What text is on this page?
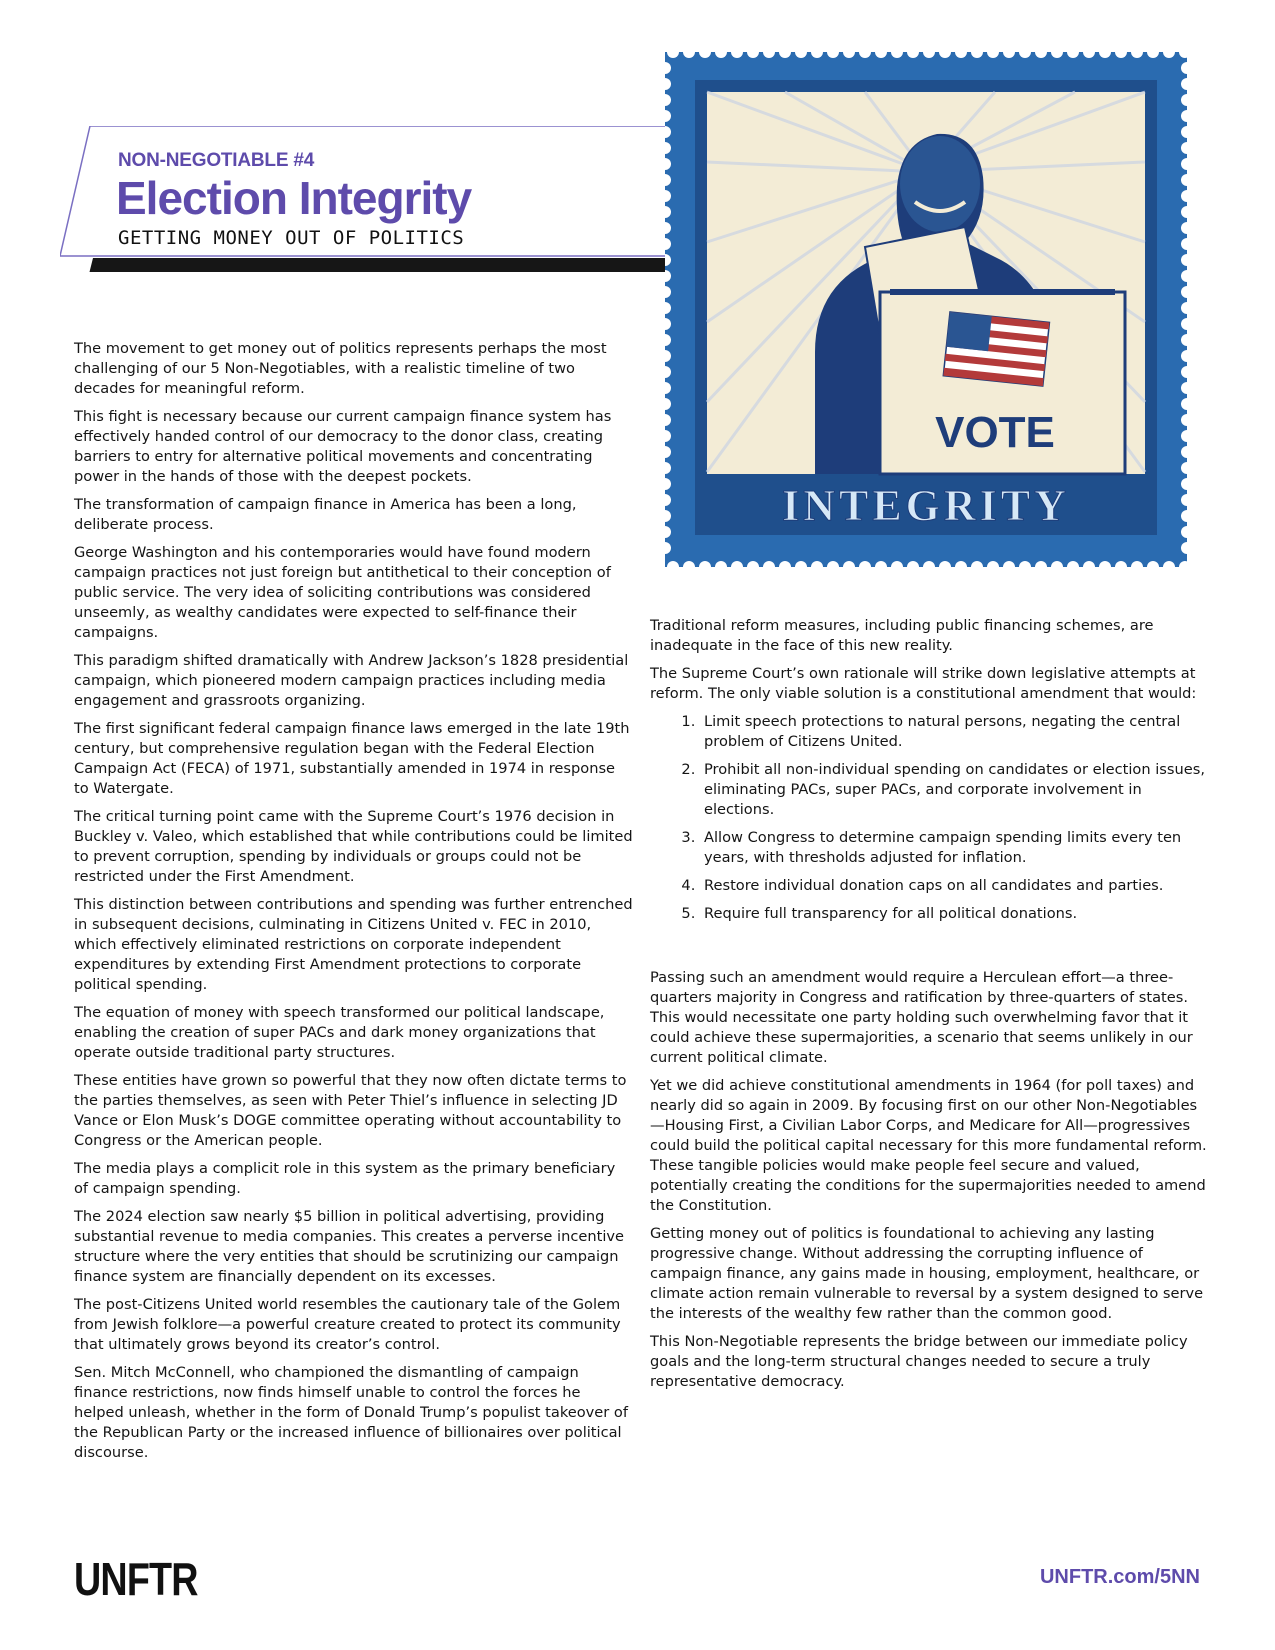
NON-NEGOTIABLE #4
Election Integrity
GETTING MONEY OUT OF POLITICS
VOTE
INTEGRITY

The movement to get money out of politics represents perhaps the most challenging of our 5 Non-Negotiables, with a realistic timeline of two decades for meaningful reform.

This fight is necessary because our current campaign finance system has effectively handed control of our democracy to the donor class, creating barriers to entry for alternative political movements and concentrating power in the hands of those with the deepest pockets.

The transformation of campaign finance in America has been a long, deliberate process.

George Washington and his contemporaries would have found modern campaign practices not just foreign but antithetical to their conception of public service. The very idea of soliciting contributions was considered unseemly, as wealthy candidates were expected to self-finance their campaigns.

This paradigm shifted dramatically with Andrew Jackson’s 1828 presidential campaign, which pioneered modern campaign practices including media engagement and grassroots organizing.

The first significant federal campaign finance laws emerged in the late 19th century, but comprehensive regulation began with the Federal Election Campaign Act (FECA) of 1971, substantially amended in 1974 in response to Watergate.

The critical turning point came with the Supreme Court’s 1976 decision in Buckley v. Valeo, which established that while contributions could be limited to prevent corruption, spending by individuals or groups could not be restricted under the First Amendment.

This distinction between contributions and spending was further entrenched in subsequent decisions, culminating in Citizens United v. FEC in 2010, which effectively eliminated restrictions on corporate independent expenditures by extending First Amendment protections to corporate political spending.

The equation of money with speech transformed our political landscape, enabling the creation of super PACs and dark money organizations that operate outside traditional party structures.

These entities have grown so powerful that they now often dictate terms to the parties themselves, as seen with Peter Thiel’s influence in selecting JD Vance or Elon Musk’s DOGE committee operating without accountability to Congress or the American people.

The media plays a complicit role in this system as the primary beneficiary of campaign spending.

The 2024 election saw nearly $5 billion in political advertising, providing substantial revenue to media companies. This creates a perverse incentive structure where the very entities that should be scrutinizing our campaign finance system are financially dependent on its excesses.

The post-Citizens United world resembles the cautionary tale of the Golem from Jewish folklore—a powerful creature created to protect its community that ultimately grows beyond its creator’s control.

Sen. Mitch McConnell, who championed the dismantling of campaign finance restrictions, now finds himself unable to control the forces he helped unleash, whether in the form of Donald Trump’s populist takeover of the Republican Party or the increased influence of billionaires over political discourse.

Traditional reform measures, including public financing schemes, are inadequate in the face of this new reality.

The Supreme Court’s own rationale will strike down legislative attempts at reform. The only viable solution is a constitutional amendment that would:

1. Limit speech protections to natural persons, negating the central problem of Citizens United.
2. Prohibit all non-individual spending on candidates or election issues, eliminating PACs, super PACs, and corporate involvement in elections.
3. Allow Congress to determine campaign spending limits every ten years, with thresholds adjusted for inflation.
4. Restore individual donation caps on all candidates and parties.
5. Require full transparency for all political donations.

Passing such an amendment would require a Herculean effort—a three-quarters majority in Congress and ratification by three-quarters of states. This would necessitate one party holding such overwhelming favor that it could achieve these supermajorities, a scenario that seems unlikely in our current political climate.

Yet we did achieve constitutional amendments in 1964 (for poll taxes) and nearly did so again in 2009. By focusing first on our other Non-Negotiables—Housing First, a Civilian Labor Corps, and Medicare for All—progressives could build the political capital necessary for this more fundamental reform. These tangible policies would make people feel secure and valued, potentially creating the conditions for the supermajorities needed to amend the Constitution.

Getting money out of politics is foundational to achieving any lasting progressive change. Without addressing the corrupting influence of campaign finance, any gains made in housing, employment, healthcare, or climate action remain vulnerable to reversal by a system designed to serve the interests of the wealthy few rather than the common good.

This Non-Negotiable represents the bridge between our immediate policy goals and the long-term structural changes needed to secure a truly representative democracy.

UNFTR	UNFTR.com/5NN
